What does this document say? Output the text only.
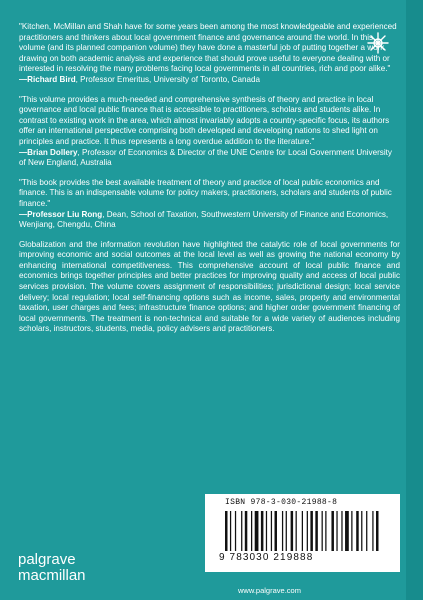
"Kitchen, McMillan and Shah have for some years been among the most knowledgeable and experienced practitioners and thinkers about local government finance and governance around the world. In this volume (and its planned companion volume) they have done a masterful job of putting together a work drawing on both academic analysis and experience that should prove useful to everyone dealing with or interested in resolving the many problems facing local governments in all countries, rich and poor alike."

—Richard Bird, Professor Emeritus, University of Toronto, Canada

"This volume provides a much-needed and comprehensive synthesis of theory and practice in local governance and local public finance that is accessible to practitioners, scholars and students alike. In contrast to existing work in the area, which almost invariably adopts a country-specific focus, its authors offer an international perspective comprising both developed and developing nations to shed light on principles and practice. It thus represents a long overdue addition to the literature."

—Brian Dollery, Professor of Economics & Director of the UNE Centre for Local Government University of New England, Australia

"This book provides the best available treatment of theory and practice of local public economics and finance. This is an indispensable volume for policy makers, practitioners, scholars and students of public finance."

—Professor Liu Rong, Dean, School of Taxation, Southwestern University of Finance and Economics, Wenjiang, Chengdu, China

Globalization and the information revolution have highlighted the catalytic role of local governments for improving economic and social outcomes at the local level as well as growing the national economy by enhancing international competitiveness. This comprehensive account of local public finance and economics brings together principles and better practices for improving quality and access of local public services provision. The volume covers assignment of responsibilities; jurisdictional design; local service delivery; local regulation; local self-financing options such as income, sales, property and environmental taxation, user charges and fees; infrastructure finance options; and higher order government financing of local governments. The treatment is non-technical and suitable for a wide variety of audiences including scholars, instructors, students, media, policy advisers and practitioners.

ISBN 978-3-030-21988-8
9 783030 219888
www.palgrave.com
palgrave
macmillan
